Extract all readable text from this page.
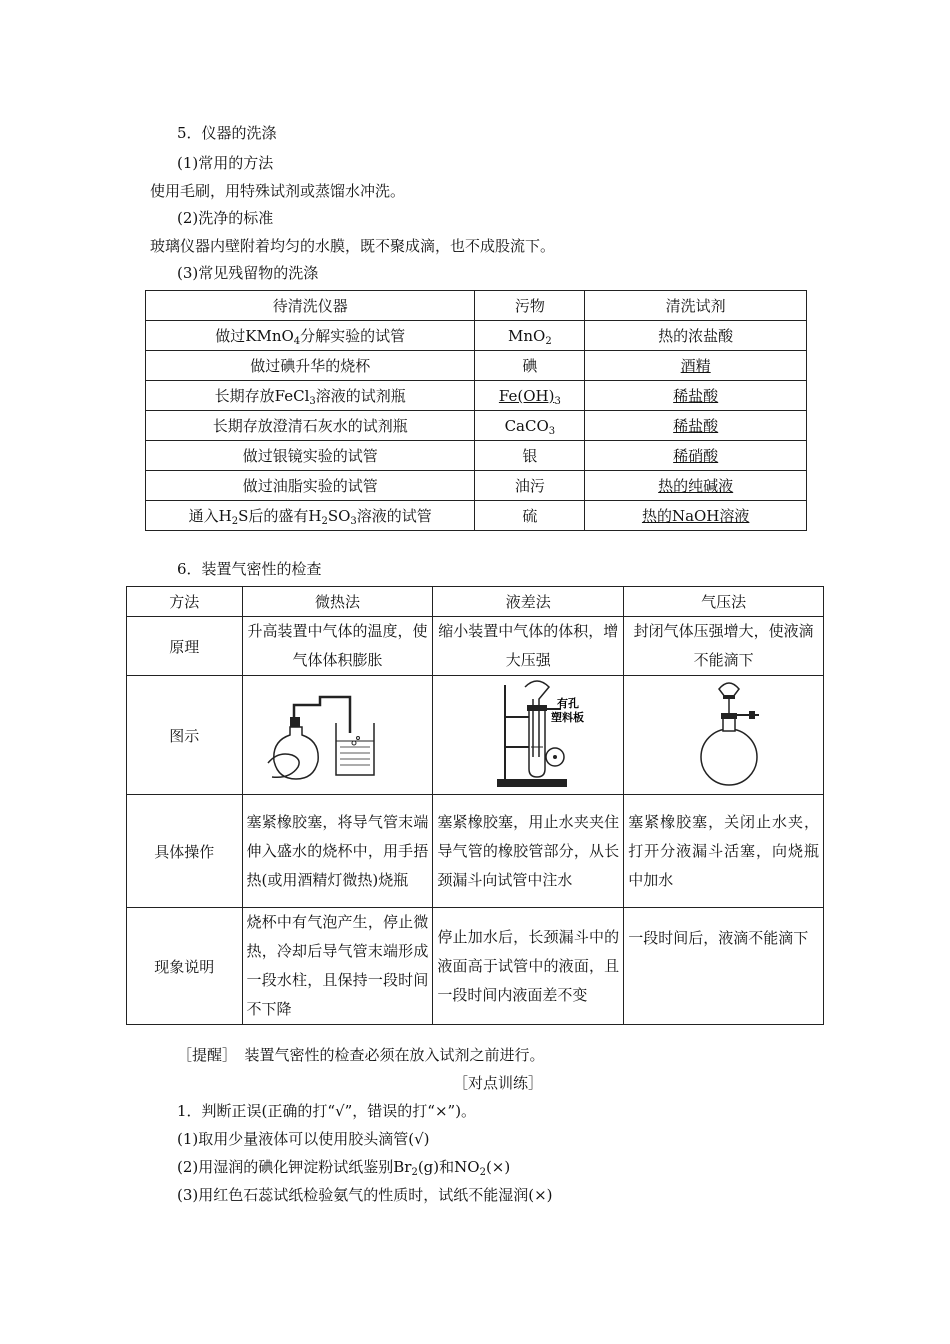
5．仪器的洗涤
(1)常用的方法
使用毛刷，用特殊试剂或蒸馏水冲洗。
(2)洗净的标准
玻璃仪器内壁附着均匀的水膜，既不聚成滴，也不成股流下。
(3)常见残留物的洗涤
待清洗仪器	污物	清洗试剂
做过KMnO$_4$分解实验的试管	MnO$_2$	热的浓盐酸
做过碘升华的烧杯	碘	酒精
长期存放FeCl$_3$溶液的试剂瓶	$Fe(OH)_3$	稀盐酸
长期存放澄清石灰水的试剂瓶	CaCO$_3$	稀盐酸
做过银镜实验的试管	银	稀硝酸
做过油脂实验的试管	油污	热的纯碱液
通入$H_2S$后的盛有$H_2SO_3$溶液的试管	硫	热的NaOH溶液
6．装置气密性的检查
方法	微热法	液差法	气压法
原理	升高装置中气体的温度，使气体体积膨胀	缩小装置中气体的体积，增大压强	封闭气体压强增大，使液滴不能滴下
图示		有孔
塑料板

具体操作	塞紧橡胶塞，将导气管末端伸入盛水的烧杯中，用手捂热(或用酒精灯微热)烧瓶	塞紧橡胶塞，用止水夹夹住导气管的橡胶管部分，从长颈漏斗向试管中注水	塞紧橡胶塞，关闭止水夹，打开分液漏斗活塞，向烧瓶中加水
现象说明	烧杯中有气泡产生，停止微热，冷却后导气管末端形成一段水柱，且保持一段时间不下降	停止加水后，长颈漏斗中的液面高于试管中的液面，且一段时间内液面差不变	一段时间后，液滴不能滴下
［提醒］　装置气密性的检查必须在放入试剂之前进行。
［对点训练］
1．判断正误(正确的打“√”，错误的打“×”)。
(1)取用少量液体可以使用胶头滴管(√)
(2)用湿润的碘化钾淀粉试纸鉴别$Br_2(g)$和$NO_2(\times)$
(3)用红色石蕊试纸检验氨气的性质时，试纸不能湿润(×)
